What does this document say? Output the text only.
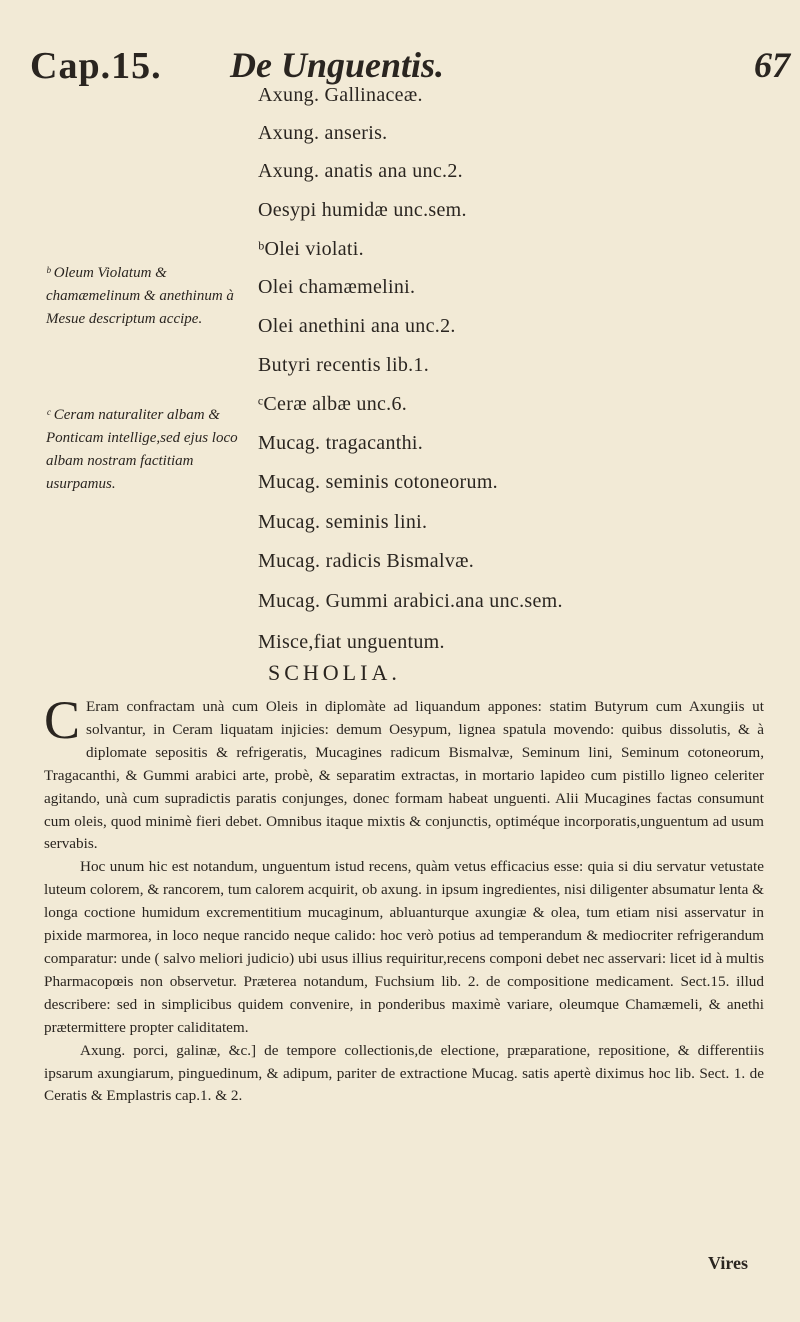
Cap.15. De Unguentis.	67
Axung. Gallinaceæ.
Axung. anseris.
Axung. anatis ana unc.2.
Oesypi humidæ unc.sem.
ᵇOlei violati.
Olei chamæmelini.
Olei anethini ana unc.2.
Butyri recentis lib.1.
ᶜCeræ albæ unc.6.
Mucag. tragacanthi.
Mucag. seminis cotoneorum.
Mucag. seminis lini.
Mucag. radicis Bismalvæ.
Mucag. Gummi arabici.ana unc.sem.
Misce,fiat unguentum.
ᵇ Oleum Violatum & chamæmelinum & anethinum à Mesue descriptum accipe.
ᶜ Ceram naturaliter albam & Ponticam intellige,sed ejus loco albam nostram factitiam usurpamus.
SCHOLIA.

C Eram confractam unà cum Oleis in diplomàte ad liquandum appones: statim Butyrum cum Axungiis ut solvantur, in Ceram liquatam injicies: demum Oesypum, lignea spatula movendo: quibus dissolutis, & à diplomate sepositis & refrigeratis, Mucagines radicum Bismalvæ, Seminum lini, Seminum cotoneorum, Tragacanthi, & Gummi arabici arte, probè, & separatim extractas, in mortario lapideo cum pistillo ligneo celeriter agitando, unà cum supradictis paratis conjunges, donec formam habeat unguenti. Alii Mucagines factas consumunt cum oleis, quod minimè fieri debet. Omnibus itaque mixtis & conjunctis, optiméque incorporatis,unguentum ad usum servabis.

Hoc unum hic est notandum, unguentum istud recens, quàm vetus efficacius esse: quia si diu servatur vetustate luteum colorem, & rancorem, tum calorem acquirit, ob axung. in ipsum ingredientes, nisi diligenter absumatur lenta & longa coctione humidum excrementitium mucaginum, abluanturque axungiæ & olea, tum etiam nisi asservatur in pixide marmorea, in loco neque rancido neque calido: hoc verò potius ad temperandum & mediocriter refrigerandum comparatur: unde ( salvo meliori judicio) ubi usus illius requiritur,recens componi debet nec asservari: licet id à multis Pharmacopœis non observetur. Præterea notandum, Fuchsium lib. 2. de compositione medicament. Sect.15. illud describere: sed in simplicibus quidem convenire, in ponderibus maximè variare, oleumque Chamæmeli, & anethi prætermittere propter caliditatem.

Axung. porci, galinæ, &c.] de tempore collectionis,de electione, præparatione, repositione, & differentiis ipsarum axungiarum, pinguedinum, & adipum, pariter de extractione Mucag. satis apertè diximus hoc lib. Sect. 1. de Ceratis & Emplastris cap.1. & 2.

Vires
